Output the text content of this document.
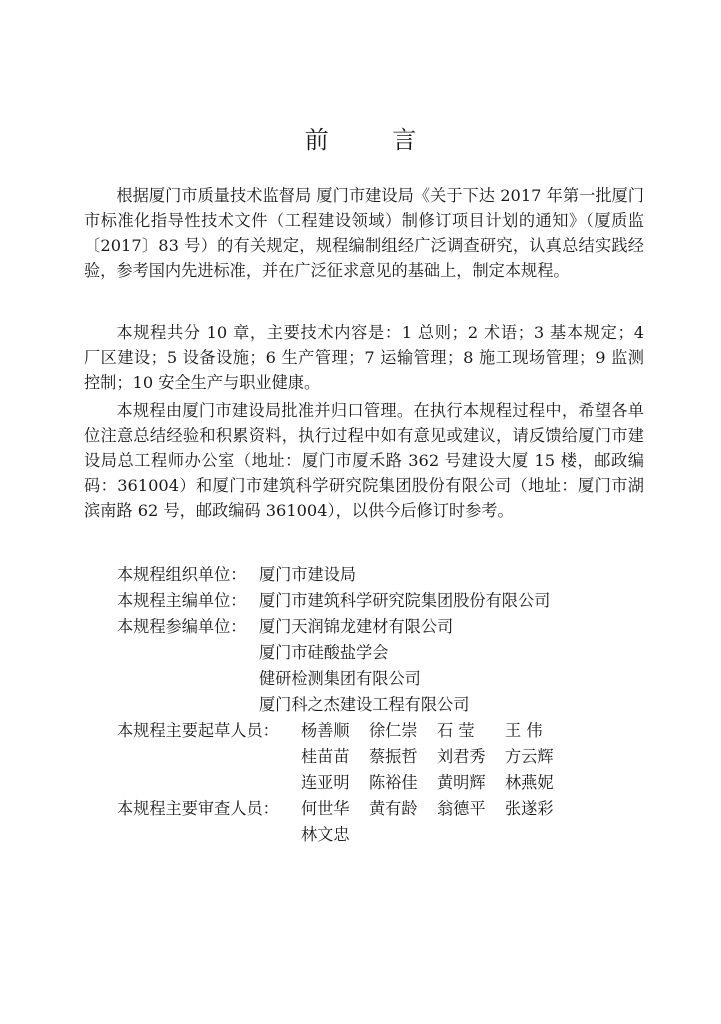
前 言

根据厦门市质量技术监督局 厦门市建设局《关于下达 2017 年第一批厦门市标准化指导性技术文件（工程建设领域）制修订项目计划的通知》（厦质监〔2017〕83 号）的有关规定，规程编制组经广泛调查研究，认真总结实践经验，参考国内先进标准，并在广泛征求意见的基础上，制定本规程。

本规程共分 10 章，主要技术内容是：1 总则；2 术语；3 基本规定；4 厂区建设；5 设备设施；6 生产管理；7 运输管理；8 施工现场管理；9 监测控制；10 安全生产与职业健康。

本规程由厦门市建设局批准并归口管理。在执行本规程过程中，希望各单位注意总结经验和积累资料，执行过程中如有意见或建议，请反馈给厦门市建设局总工程师办公室（地址：厦门市厦禾路 362 号建设大厦 15 楼，邮政编码：361004）和厦门市建筑科学研究院集团股份有限公司（地址：厦门市湖滨南路 62 号，邮政编码 361004），以供今后修订时参考。

本规程组织单位： 厦门市建设局
本规程主编单位： 厦门市建筑科学研究院集团股份有限公司
本规程参编单位： 厦门天润锦龙建材有限公司
厦门市硅酸盐学会
健研检测集团有限公司
厦门科之杰建设工程有限公司
本规程主要起草人员：	杨善顺	徐仁崇	石 莹	王 伟
桂苗苗	蔡振哲	刘君秀	方云辉
连亚明	陈裕佳	黄明辉	林燕妮
本规程主要审查人员：	何世华	黄有龄	翁德平	张遂彩
林文忠
